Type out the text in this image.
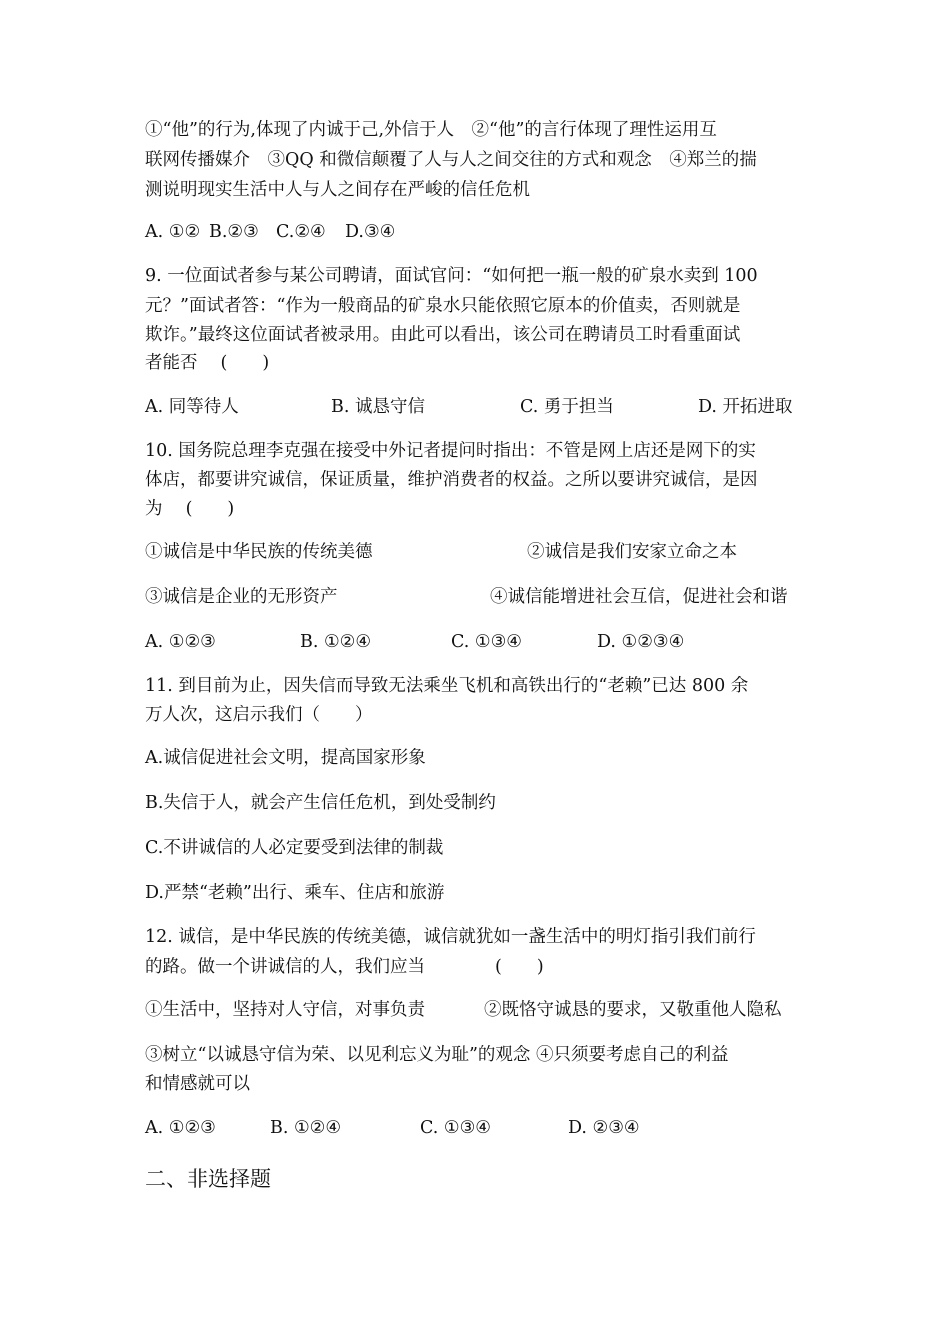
①“他”的行为,体现了内诚于己,外信于人　②“他”的言行体现了理性运用互
联网传播媒介　③QQ 和微信颠覆了人与人之间交往的方式和观念　④郑兰的揣
测说明现实生活中人与人之间存在严峻的信任危机
A. ①② B.②③ C.②④ D.③④
9. 一位面试者参与某公司聘请，面试官问：“如何把一瓶一般的矿泉水卖到 100
元？”面试者答：“作为一般商品的矿泉水只能依照它原本的价值卖，否则就是
欺诈。”最终这位面试者被录用。由此可以看出，该公司在聘请员工时看重面试
者能否　 (　　)
A. 同等待人	B. 诚恳守信	C. 勇于担当	D. 开拓进取
10. 国务院总理李克强在接受中外记者提问时指出：不管是网上店还是网下的实
体店，都要讲究诚信，保证质量，维护消费者的权益。之所以要讲究诚信，是因
为　 (　　)
①诚信是中华民族的传统美德	②诚信是我们安家立命之本
③诚信是企业的无形资产	④诚信能增进社会互信，促进社会和谐
A. ①②③	B. ①②④	C. ①③④	D. ①②③④
11. 到目前为止，因失信而导致无法乘坐飞机和高铁出行的“老赖”已达 800 余
万人次，这启示我们（　　）
A.诚信促进社会文明，提高国家形象
B.失信于人，就会产生信任危机，到处受制约
C.不讲诚信的人必定要受到法律的制裁
D.严禁“老赖”出行、乘车、住店和旅游
12. 诚信，是中华民族的传统美德，诚信就犹如一盏生活中的明灯指引我们前行
的路。做一个讲诚信的人，我们应当　　　　(　　)
①生活中，坚持对人守信，对事负责	②既恪守诚恳的要求，又敬重他人隐私
③树立“以诚恳守信为荣、以见利忘义为耻”的观念 ④只须要考虑自己的利益
和情感就可以
A. ①②③	B. ①②④	C. ①③④	D. ②③④
二、非选择题
